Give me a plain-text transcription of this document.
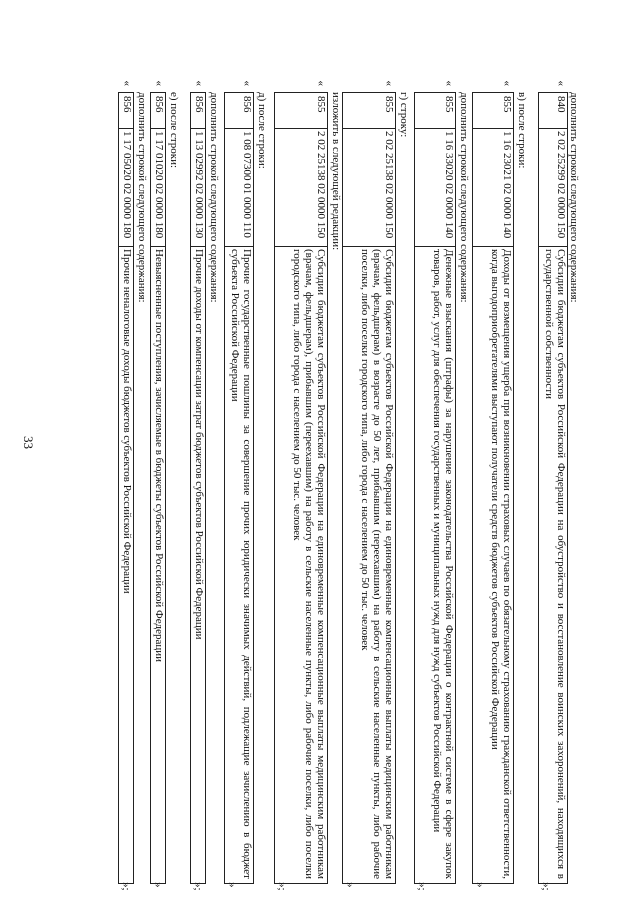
33
дополнить строкой следующего содержания:
«
840
2 02 25299 02 0000 150
Субсидии бюджетам субъектов Российской Федерации на обустройство и восстановление воинских захоронений, находящихся в государственной собственности
»;
в) после строки:
«
855
1 16 23021 02 0000 140
Доходы от возмещения ущерба при возникновении страховых случаев по обязательному страхованию гражданской ответственности, когда выгодоприобретателями выступают получатели средств бюджетов субъектов Российской Федерации
»
дополнить строкой следующего содержания:
«
855
1 16 33020 02 0000 140
Денежные взыскания (штрафы) за нарушение законодательства Российской Федерации о контрактной системе в сфере закупок товаров, работ, услуг для обеспечения государственных и муниципальных нужд для нужд субъектов Российской Федерации
»;
г) строку:
«
855
2 02 25138 02 0000 150
Субсидии бюджетам субъектов Российской Федерации на единовременные компенсационные выплаты медицинским работникам (врачам, фельдшерам) в возрасте до 50 лет, прибывшим (переехавшим) на работу в сельские населенные пункты, либо рабочие поселки, либо поселки городского типа, либо города с населением до 50 тыс. человек
»
изложить в следующей редакции:
«
855
2 02 25138 02 0000 150
Субсидии бюджетам субъектов Российской Федерации на единовременные компенсационные выплаты медицинским работникам (врачам, фельдшерам), прибывшим (переехавшим) на работу в сельские населенные пункты, либо рабочие поселки, либо поселки городского типа, либо города с населением до 50 тыс. человек
»;
д) после строки:
«
856
1 08 07300 01 0000 110
Прочие государственные пошлины за совершение прочих юридически значимых действий, подлежащие зачислению в бюджет субъекта Российской Федерации
»
дополнить строкой следующего содержания:
«
856
1 13 02992 02 0000 130
Прочие доходы от компенсации затрат бюджетов субъектов Российской Федерации
»;
е) после строки:
«
856
1 17 01020 02 0000 180
Невыясненные поступления, зачисляемые в бюджеты субъектов Российской Федерации
»
дополнить строкой следующего содержания:
«
856
1 17 05020 02 0000 180
Прочие неналоговые доходы бюджетов субъектов Российской Федерации
»;
